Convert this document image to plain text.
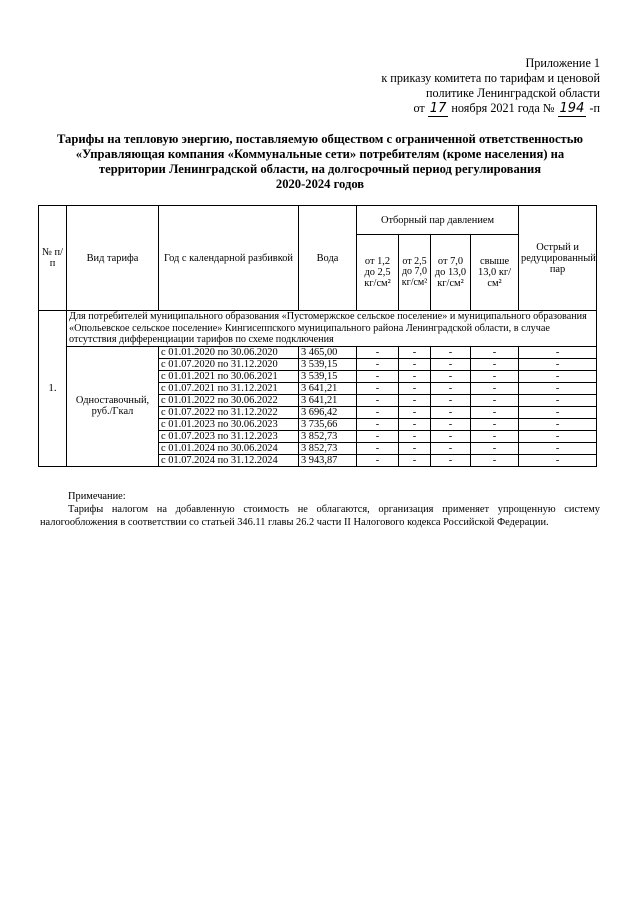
Приложение 1
к приказу комитета по тарифам и ценовой
политике Ленинградской области
от 17 ноября 2021 года № 194 -п
Тарифы на тепловую энергию, поставляемую обществом с ограниченной ответственностью
«Управляющая компания «Коммунальные сети» потребителям (кроме населения) на
территории Ленинградской области, на долгосрочный период регулирования
2020-2024 годов
№ п/п	Вид тарифа	Год с календарной разбивкой	Вода	Отборный пар давлением				Острый и редуцированный пар
				от 1,2 до 2,5 кг/см²	от 2,5 до 7,0 кг/см²	от 7,0 до 13,0 кг/см²	свыше 13,0 кг/см²	
1.	Для потребителей муниципального образования «Пустомержское сельское поселение» и муниципального образования «Опольевское сельское поселение» Кингисеппского муниципального района Ленинградской области, в случае отсутствия дифференциации тарифов по схеме подключения							
	Одноставочный, руб./Гкал	с 01.01.2020 по 30.06.2020	3 465,00	-	-	-	-	-
		с 01.07.2020 по 31.12.2020	3 539,15	-	-	-	-	-
		с 01.01.2021 по 30.06.2021	3 539,15	-	-	-	-	-
		с 01.07.2021 по 31.12.2021	3 641,21	-	-	-	-	-
		с 01.01.2022 по 30.06.2022	3 641,21	-	-	-	-	-
		с 01.07.2022 по 31.12.2022	3 696,42	-	-	-	-	-
		с 01.01.2023 по 30.06.2023	3 735,66	-	-	-	-	-
		с 01.07.2023 по 31.12.2023	3 852,73	-	-	-	-	-
		с 01.01.2024 по 30.06.2024	3 852,73	-	-	-	-	-
		с 01.07.2024 по 31.12.2024	3 943,87	-	-	-	-	-
Примечание:
Тарифы налогом на добавленную стоимость не облагаются, организация применяет упрощенную систему налогообложения в соответствии со статьей 346.11 главы 26.2 части II Налогового кодекса Российской Федерации.
